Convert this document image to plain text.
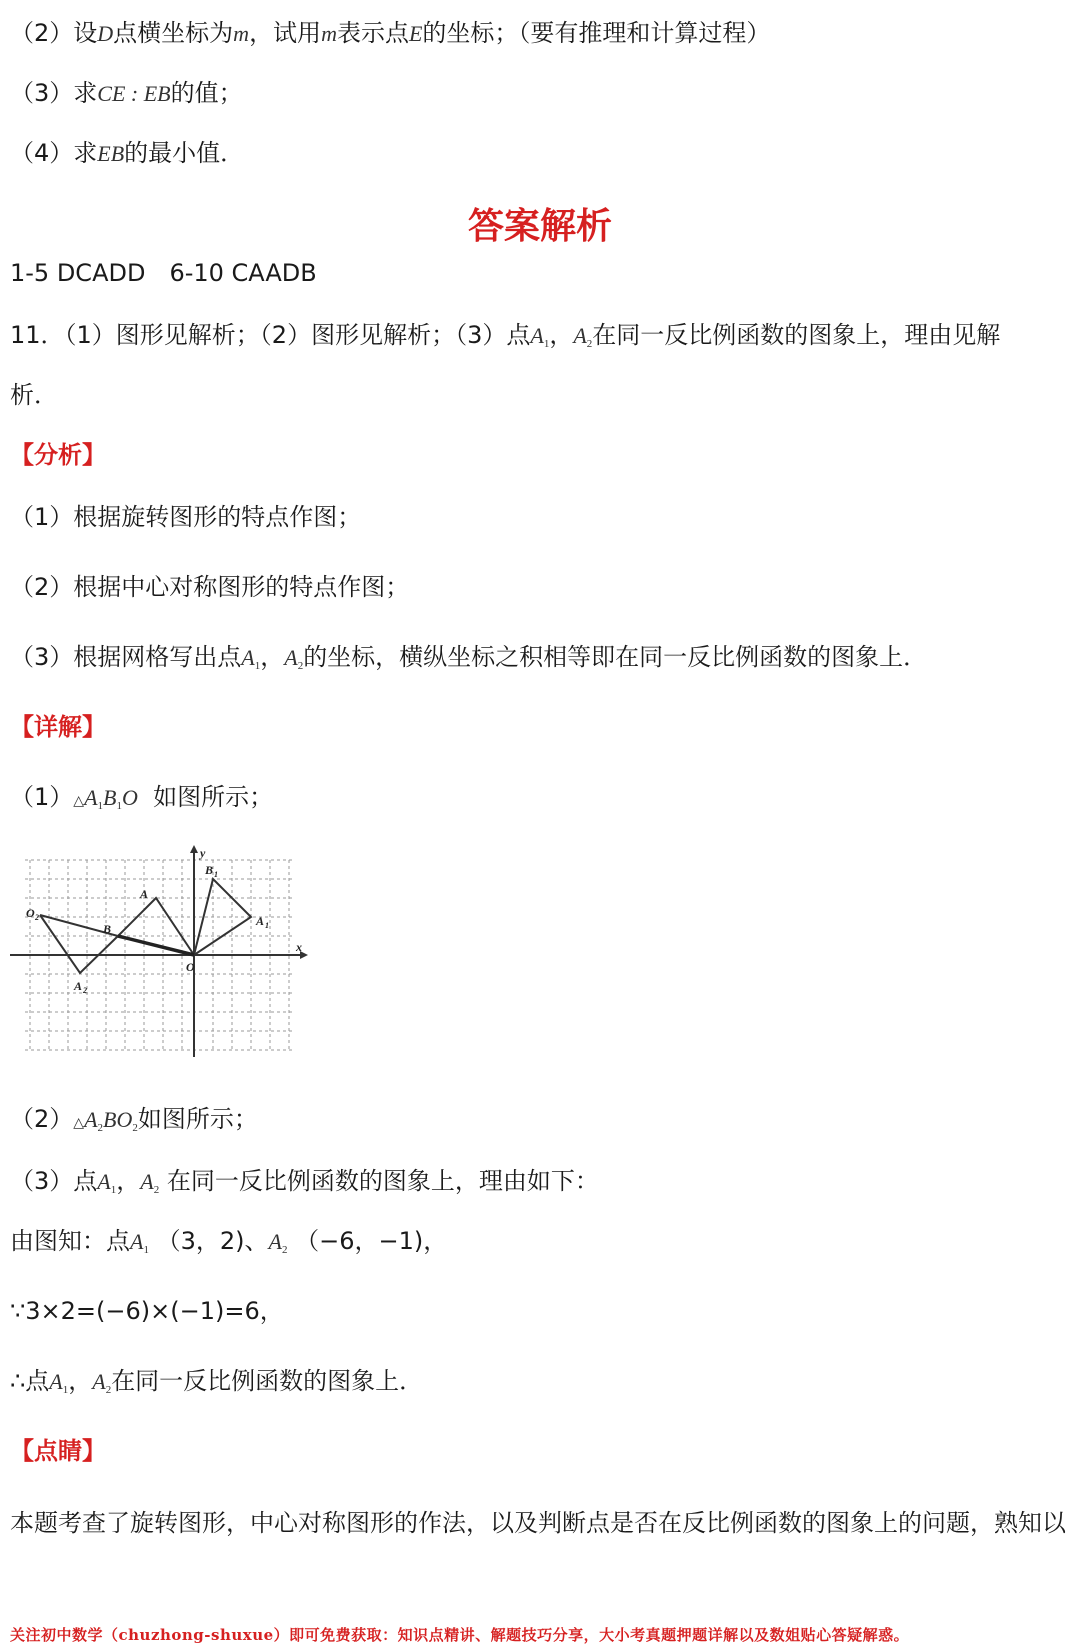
（2）设D点横坐标为m，试用m表示点E的坐标；（要有推理和计算过程）
（3）求CE : EB的值；
（4）求EB的最小值．
答案解析
1-5 DCADD　6-10 CAADB
11．（1）图形见解析；（2）图形见解析；（3）点$A_1$，$A_2$在同一反比例函数的图象上，理由见解
析．
【分析】
（1）根据旋转图形的特点作图；
（2）根据中心对称图形的特点作图；
（3）根据网格写出点$A_1$，$A_2$的坐标，横纵坐标之积相等即在同一反比例函数的图象上．
【详解】
$(1)\triangle A_1B_1O$ 如图所示；
y
B 1
A
A 1
O 2
B
x
O
A 2
$(2)\triangle A_2BO_2$如图所示；
（3）点$A_1$，$A_2$ 在同一反比例函数的图象上，理由如下：
由图知：点$A_1$ （3，2)、$A_2$ （−6，−1)，
∵3×2=(−6)×(−1)=6，
∴点$A_1$，$A_2$在同一反比例函数的图象上．
【点睛】
本题考查了旋转图形，中心对称图形的作法，以及判断点是否在反比例函数的图象上的问题，熟知以
关注初中数学（chuzhong-shuxue）即可免费获取：知识点精讲、解题技巧分享，大小考真题押题详解以及数姐贴心答疑解惑。
